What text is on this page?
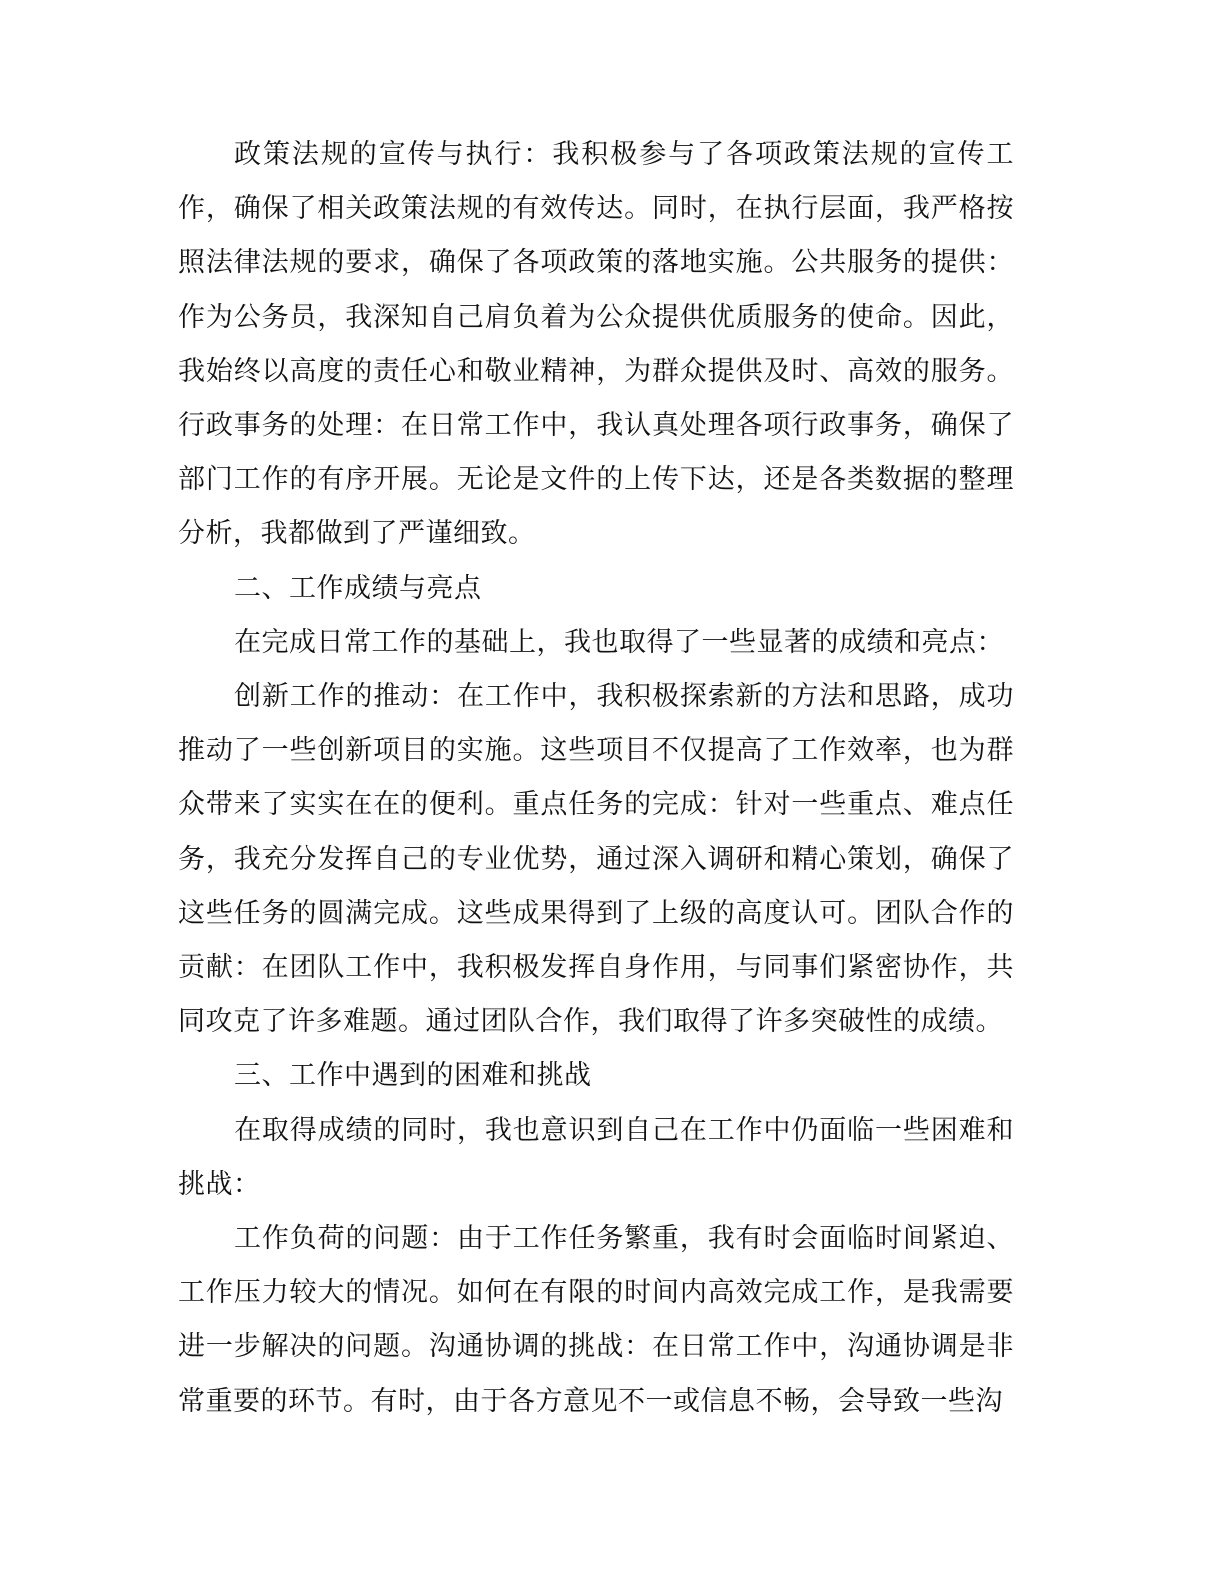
政策法规的宣传与执行：我积极参与了各项政策法规的宣传工作，确保了相关政策法规的有效传达。同时，在执行层面，我严格按照法律法规的要求，确保了各项政策的落地实施。公共服务的提供：作为公务员，我深知自己肩负着为公众提供优质服务的使命。因此，我始终以高度的责任心和敬业精神，为群众提供及时、高效的服务。行政事务的处理：在日常工作中，我认真处理各项行政事务，确保了部门工作的有序开展。无论是文件的上传下达，还是各类数据的整理分析，我都做到了严谨细致。

二、工作成绩与亮点

在完成日常工作的基础上，我也取得了一些显著的成绩和亮点：

创新工作的推动：在工作中，我积极探索新的方法和思路，成功推动了一些创新项目的实施。这些项目不仅提高了工作效率，也为群众带来了实实在在的便利。重点任务的完成：针对一些重点、难点任务，我充分发挥自己的专业优势，通过深入调研和精心策划，确保了这些任务的圆满完成。这些成果得到了上级的高度认可。团队合作的贡献：在团队工作中，我积极发挥自身作用，与同事们紧密协作，共同攻克了许多难题。通过团队合作，我们取得了许多突破性的成绩。

三、工作中遇到的困难和挑战

在取得成绩的同时，我也意识到自己在工作中仍面临一些困难和挑战：

工作负荷的问题：由于工作任务繁重，我有时会面临时间紧迫、工作压力较大的情况。如何在有限的时间内高效完成工作，是我需要进一步解决的问题。沟通协调的挑战：在日常工作中，沟通协调是非常重要的环节。有时，由于各方意见不一或信息不畅，会导致一些沟
